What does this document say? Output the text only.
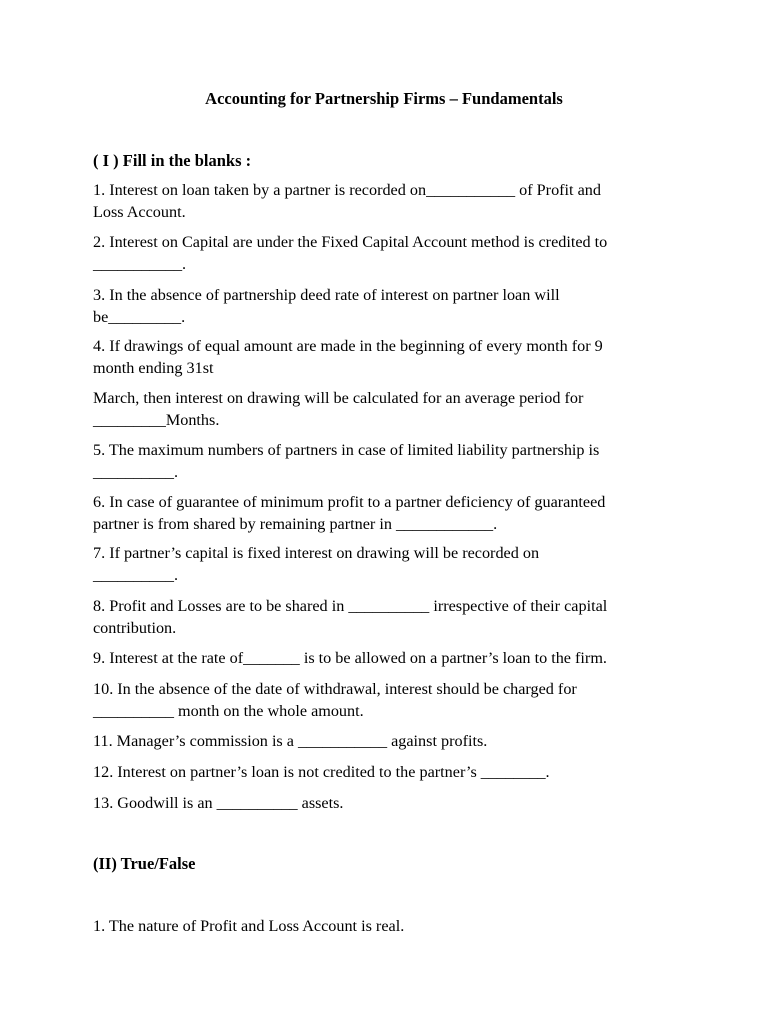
Accounting for Partnership Firms – Fundamentals
( I ) Fill in the blanks :
1. Interest on loan taken by a partner is recorded on___________ of Profit and
Loss Account.
2. Interest on Capital are under the Fixed Capital Account method is credited to
___________.
3. In the absence of partnership deed rate of interest on partner loan will
be_________.
4. If drawings of equal amount are made in the beginning of every month for 9
month ending 31st
March, then interest on drawing will be calculated for an average period for
_________Months.
5. The maximum numbers of partners in case of limited liability partnership is
__________.
6. In case of guarantee of minimum profit to a partner deficiency of guaranteed
partner is from shared by remaining partner in ____________.
7. If partner’s capital is fixed interest on drawing will be recorded on
__________.
8. Profit and Losses are to be shared in __________ irrespective of their capital
contribution.
9. Interest at the rate of_______ is to be allowed on a partner’s loan to the firm.
10. In the absence of the date of withdrawal, interest should be charged for
__________ month on the whole amount.
11. Manager’s commission is a ___________ against profits.
12. Interest on partner’s loan is not credited to the partner’s ________.
13. Goodwill is an __________ assets.
(II) True/False
1. The nature of Profit and Loss Account is real.
